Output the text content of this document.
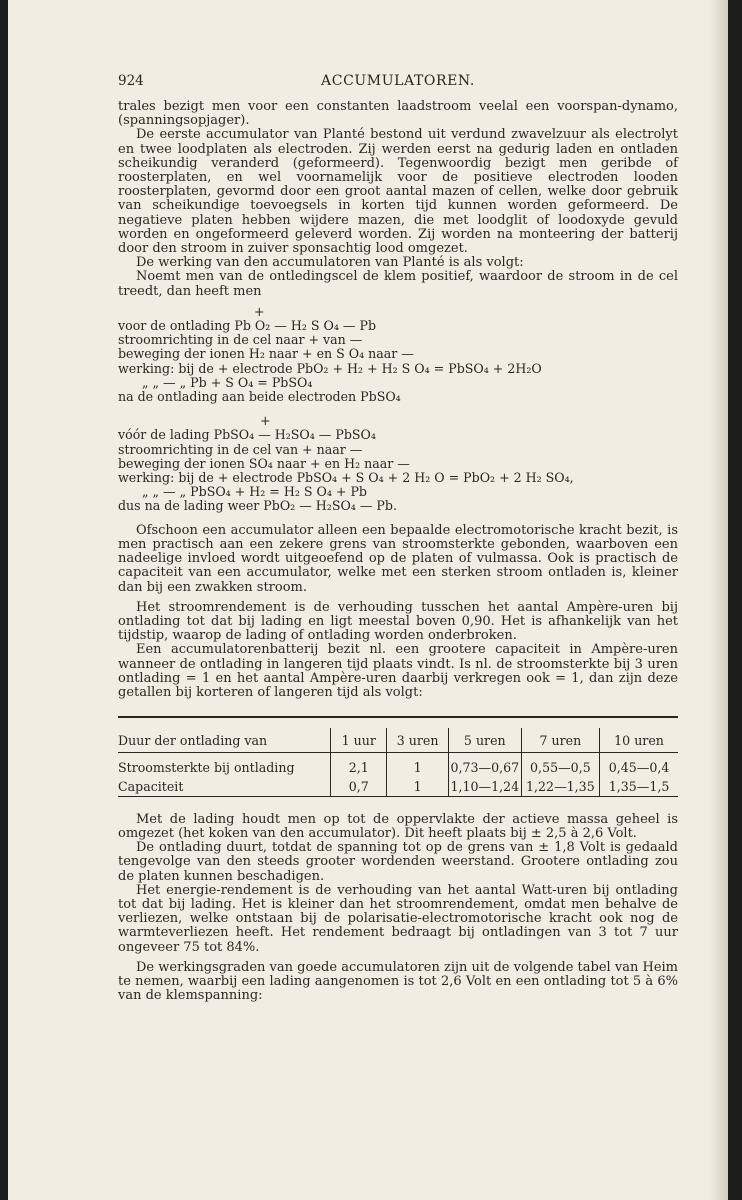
924	ACCUMULATOREN.

trales bezigt men voor een constanten laadstroom veelal een voorspan-dynamo, (spanningsopjager).

De eerste accumulator van Planté bestond uit verdund zwavelzuur als electrolyt en twee loodplaten als electroden. Zij werden eerst na gedurig laden en ontladen scheikundig veranderd (geformeerd). Tegenwoordig bezigt men geribde of roosterplaten, en wel voornamelijk voor de positieve electroden looden roosterplaten, gevormd door een groot aantal mazen of cellen, welke door gebruik van scheikundige toevoegsels in korten tijd kunnen worden geformeerd. De negatieve platen hebben wijdere mazen, die met loodglit of loodoxyde gevuld worden en ongeformeerd geleverd worden. Zij worden na monteering der batterij door den stroom in zuiver sponsachtig lood omgezet.

De werking van den accumulatoren van Planté is als volgt:

Noemt men van de ontledingscel de klem positief, waardoor de stroom in de cel treedt, dan heeft men

+
voor de ontlading Pb O₂ — H₂ S O₄ — Pb
stroomrichting in de cel naar + van —
beweging der ionen H₂ naar + en S O₄ naar —
werking: bij de + electrode PbO₂ + H₂ + H₂ S O₄ = PbSO₄ + 2H₂O
„ „ — „ Pb + S O₄ = PbSO₄
na de ontlading aan beide electroden PbSO₄
+
vóór de lading PbSO₄ — H₂SO₄ — PbSO₄
stroomrichting in de cel van + naar —
beweging der ionen SO₄ naar + en H₂ naar —
werking: bij de + electrode PbSO₄ + S O₄ + 2 H₂ O = PbO₂ + 2 H₂ SO₄,
„ „ — „ PbSO₄ + H₂ = H₂ S O₄ + Pb
dus na de lading weer PbO₂ — H₂SO₄ — Pb.

Ofschoon een accumulator alleen een bepaalde electromotorische kracht bezit, is men practisch aan een zekere grens van stroomsterkte gebonden, waarboven een nadeelige invloed wordt uitgeoefend op de platen of vulmassa. Ook is practisch de capaciteit van een accumulator, welke met een sterken stroom ontladen is, kleiner dan bij een zwakken stroom.

Het stroomrendement is de verhouding tusschen het aantal Ampère-uren bij ontlading tot dat bij lading en ligt meestal boven 0,90. Het is afhankelijk van het tijdstip, waarop de lading of ontlading worden onderbroken.

Een accumulatorenbatterij bezit nl. een grootere capaciteit in Ampère-uren wanneer de ontlading in langeren tijd plaats vindt. Is nl. de stroomsterkte bij 3 uren ontlading = 1 en het aantal Ampère-uren daarbij verkregen ook = 1, dan zijn deze getallen bij korteren of langeren tijd als volgt:

Duur der ontlading van	1 uur	3 uren	5 uren	7 uren	10 uren
Stroomsterkte bij ontlading	2,1	1	0,73—0,67	0,55—0,5	0,45—0,4
Capaciteit	0,7	1	1,10—1,24	1,22—1,35	1,35—1,5

Met de lading houdt men op tot de oppervlakte der actieve massa geheel is omgezet (het koken van den accumulator). Dit heeft plaats bij ± 2,5 à 2,6 Volt.

De ontlading duurt, totdat de spanning tot op de grens van ± 1,8 Volt is gedaald tengevolge van den steeds grooter wordenden weerstand. Grootere ontlading zou de platen kunnen beschadigen.

Het energie-rendement is de verhouding van het aantal Watt-uren bij ontlading tot dat bij lading. Het is kleiner dan het stroomrendement, omdat men behalve de verliezen, welke ontstaan bij de polarisatie-electromotorische kracht ook nog de warmteverliezen heeft. Het rendement bedraagt bij ontladingen van 3 tot 7 uur ongeveer 75 tot 84%.

De werkingsgraden van goede accumulatoren zijn uit de volgende tabel van Heim te nemen, waarbij een lading aangenomen is tot 2,6 Volt en een ontlading tot 5 à 6% van de klemspanning:
